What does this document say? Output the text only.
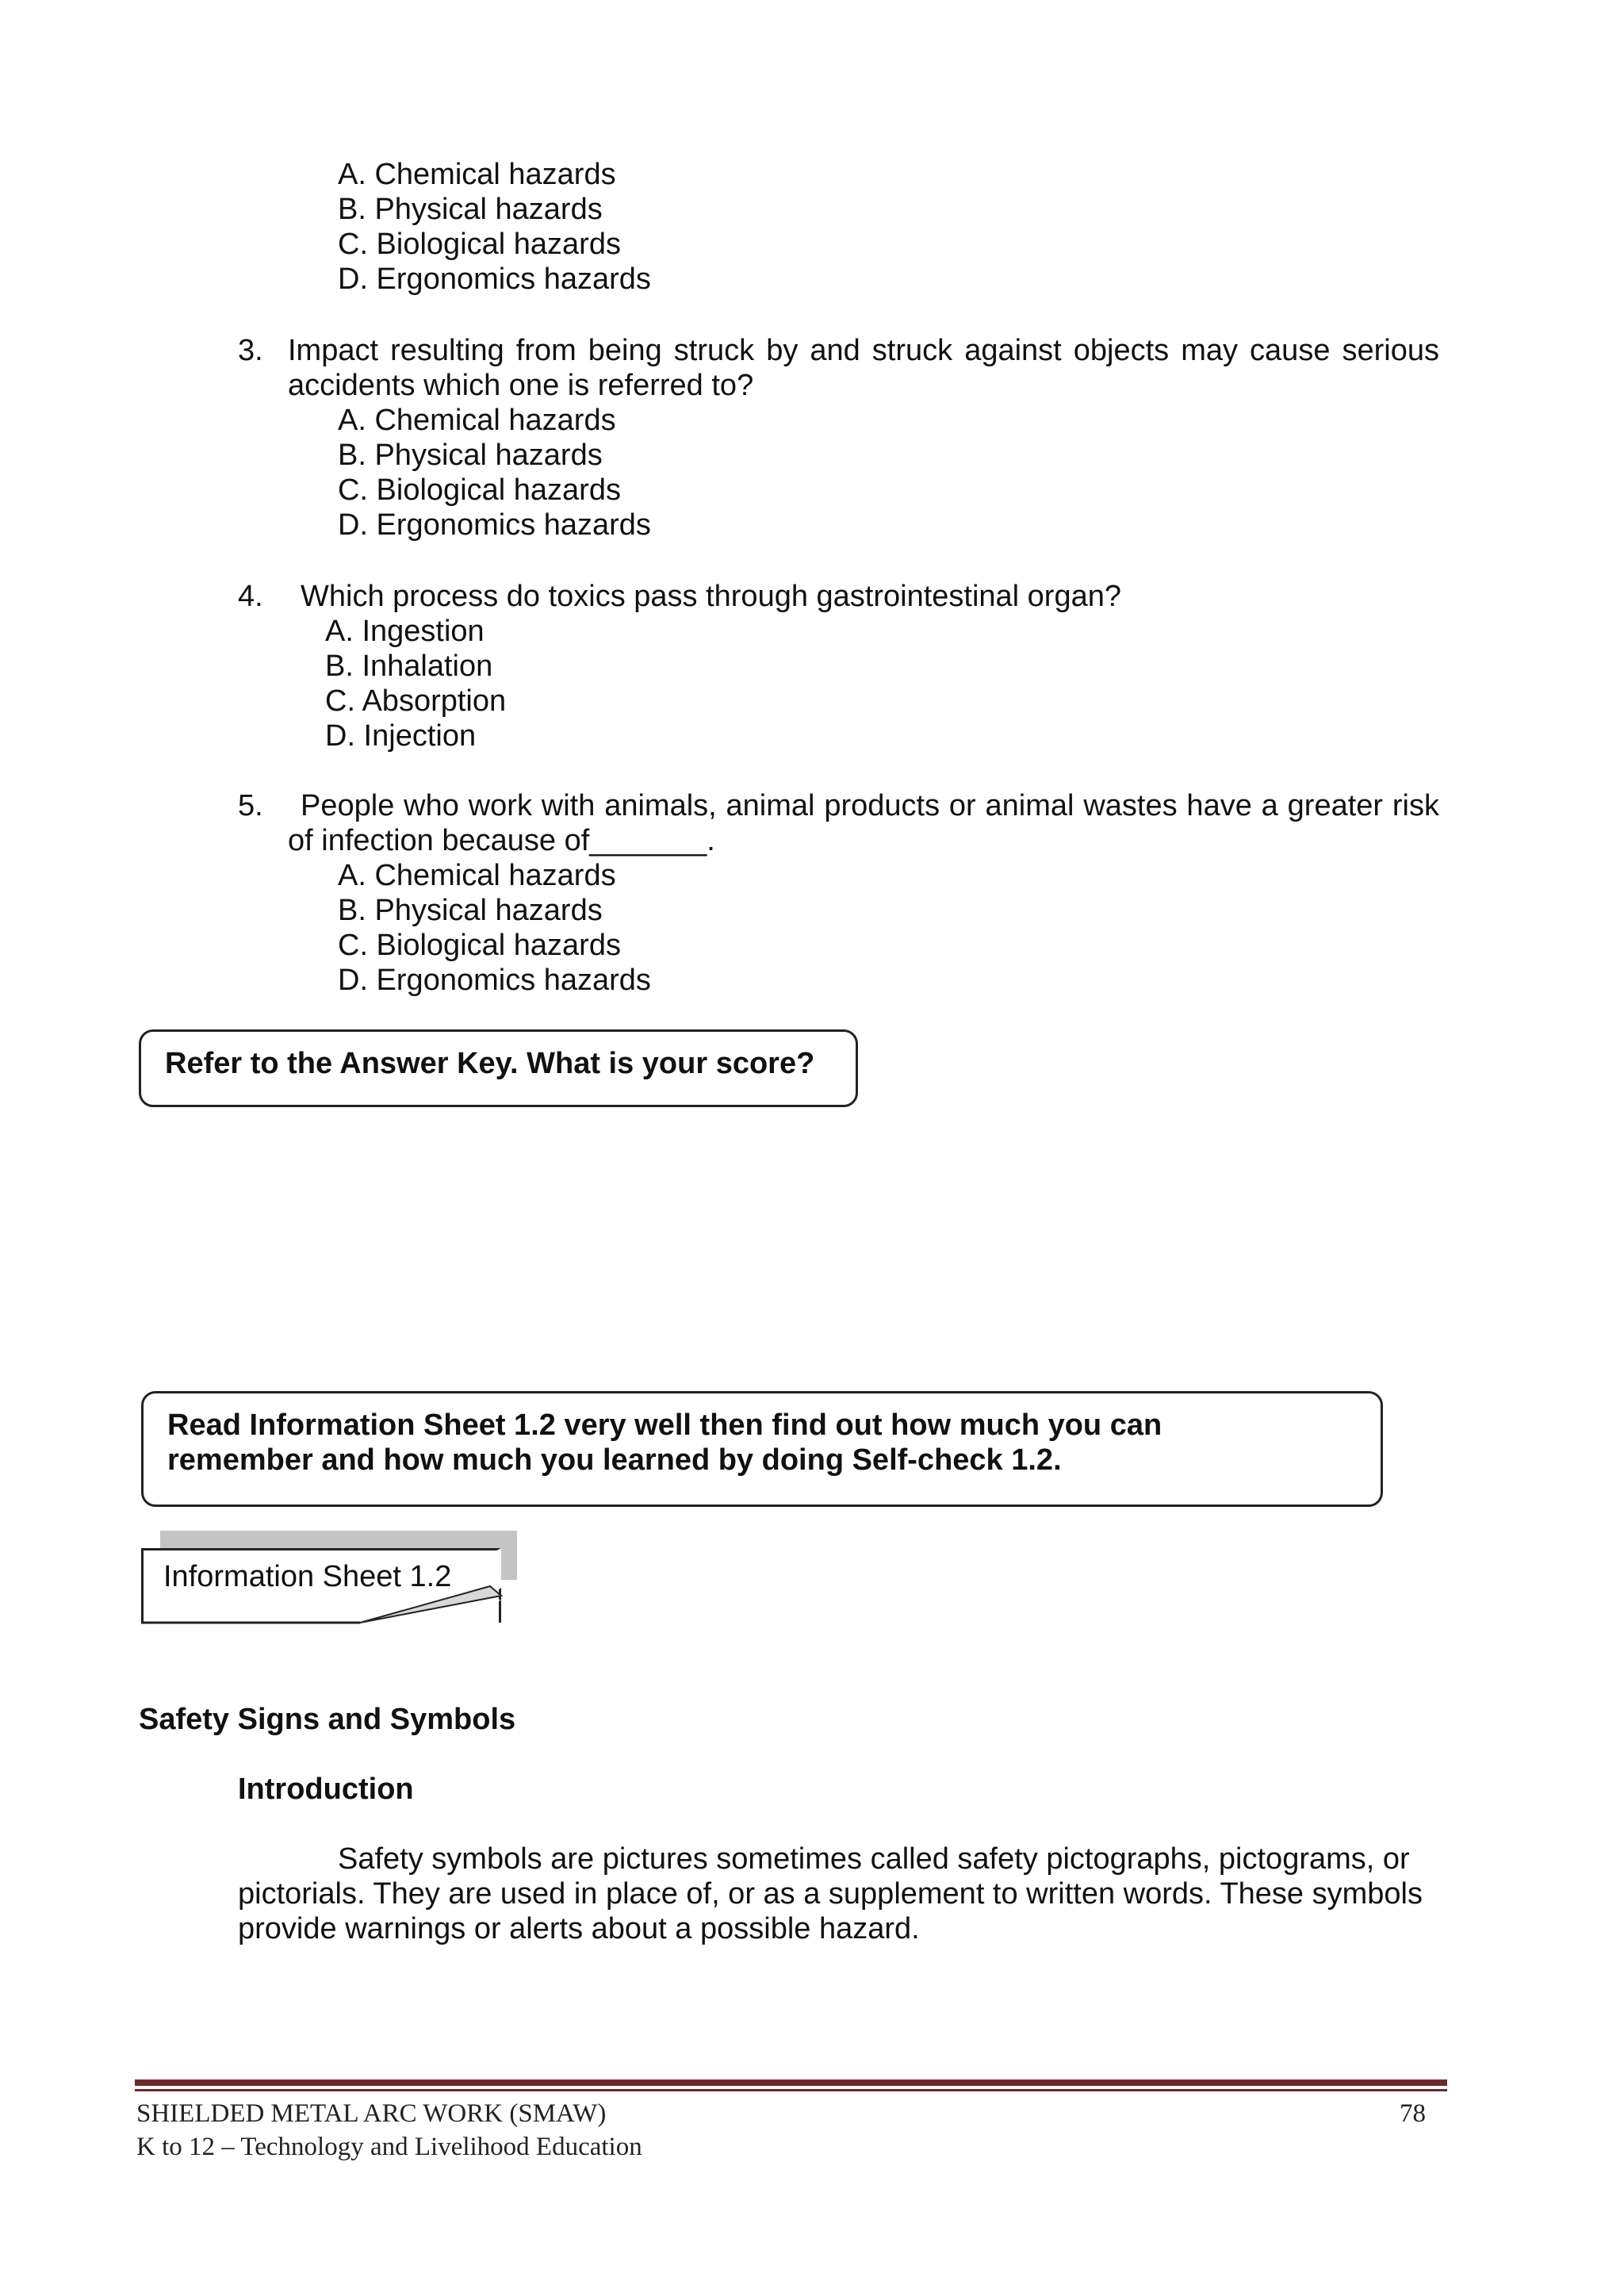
A. Chemical hazards
B. Physical hazards
C. Biological hazards
D. Ergonomics hazards
3. Impact resulting from being struck by and struck against objects may cause serious
accidents which one is referred to?
A. Chemical hazards
B. Physical hazards
C. Biological hazards
D. Ergonomics hazards
4. Which process do toxics pass through gastrointestinal organ?
A. Ingestion
B. Inhalation
C. Absorption
D. Injection
5. People who work with animals, animal products or animal wastes have a greater risk
of infection because of_______.
A. Chemical hazards
B. Physical hazards
C. Biological hazards
D. Ergonomics hazards
Refer to the Answer Key. What is your score?
Read Information Sheet 1.2 very well then find out how much you can
remember and how much you learned by doing Self-check 1.2.
Information Sheet 1.2
Safety Signs and Symbols
Introduction
Safety symbols are pictures sometimes called safety pictographs, pictograms, or
pictorials. They are used in place of, or as a supplement to written words. These symbols
provide warnings or alerts about a possible hazard.
SHIELDED METAL ARC WORK (SMAW)	78
K to 12 – Technology and Livelihood Education
